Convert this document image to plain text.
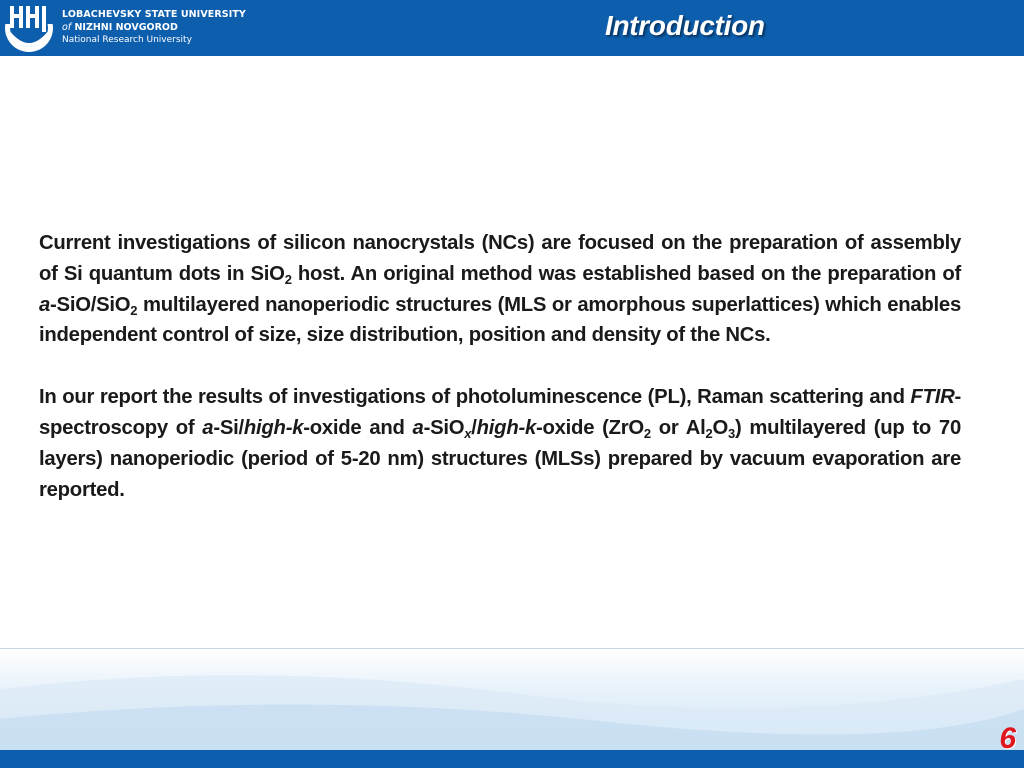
LOBACHEVSKY STATE UNIVERSITY
of NIZHNI NOVGOROD
National Research University	Introduction

Current investigations of silicon nanocrystals (NCs) are focused on the preparation of assembly of Si quantum dots in SiO$_2$ host. An original method was established based on the preparation of a-SiO/SiO$_2$ multilayered nanoperiodic structures (MLS or amorphous superlattices) which enables independent control of size, size distribution, position and density of the NCs.

In our report the results of investigations of photoluminescence (PL), Raman scattering and FTIR-spectroscopy of a-Si/high-k-oxide and a-SiO$_x$/high-k-oxide (ZrO$_2$ or $Al_2O_3$) multilayered (up to 70 layers) nanoperiodic (period of 5-20 nm) structures (MLSs) prepared by vacuum evaporation are reported.

6
